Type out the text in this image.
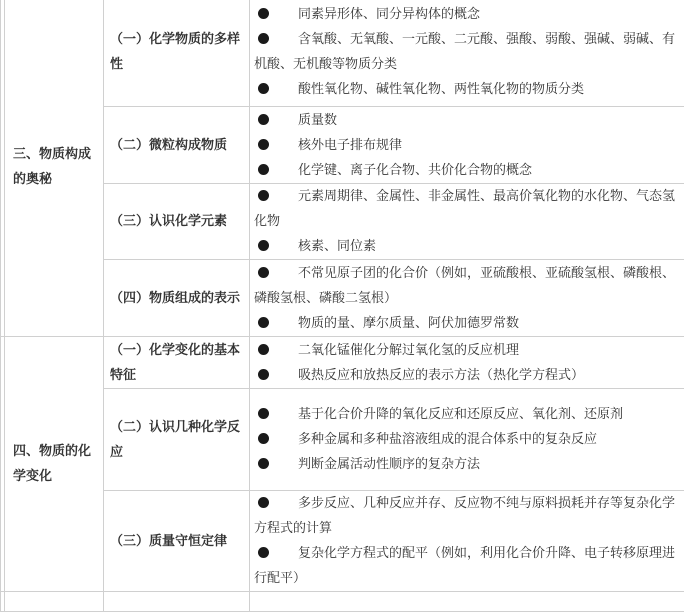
	三、物质构成的奥秘	（一）化学物质的多样性	同素异形体、同分异构体的概念
含氧酸、无氧酸、一元酸、二元酸、强酸、弱酸、强碱、弱碱、有机酸、无机酸等物质分类
酸性氧化物、碱性氧化物、两性氧化物的物质分类

		（二）微粒构成物质	质量数
核外电子排布规律
化学键、离子化合物、共价化合物的概念

		（三）认识化学元素	元素周期律、金属性、非金属性、最高价氧化物的水化物、气态氢化物
核素、同位素

		（四）物质组成的表示	不常见原子团的化合价（例如，亚硫酸根、亚硫酸氢根、磷酸根、磷酸氢根、磷酸二氢根）
物质的量、摩尔质量、阿伏加德罗常数

	四、物质的化学变化	（一）化学变化的基本特征	二氧化锰催化分解过氧化氢的反应机理
吸热反应和放热反应的表示方法（热化学方程式）

		（二）认识几种化学反应	基于化合价升降的氧化反应和还原反应、氧化剂、还原剂
多种金属和多种盐溶液组成的混合体系中的复杂反应
判断金属活动性顺序的复杂方法

		（三）质量守恒定律	多步反应、几种反应并存、反应物不纯与原料损耗并存等复杂化学方程式的计算
复杂化学方程式的配平（例如，利用化合价升降、电子转移原理进行配平）
